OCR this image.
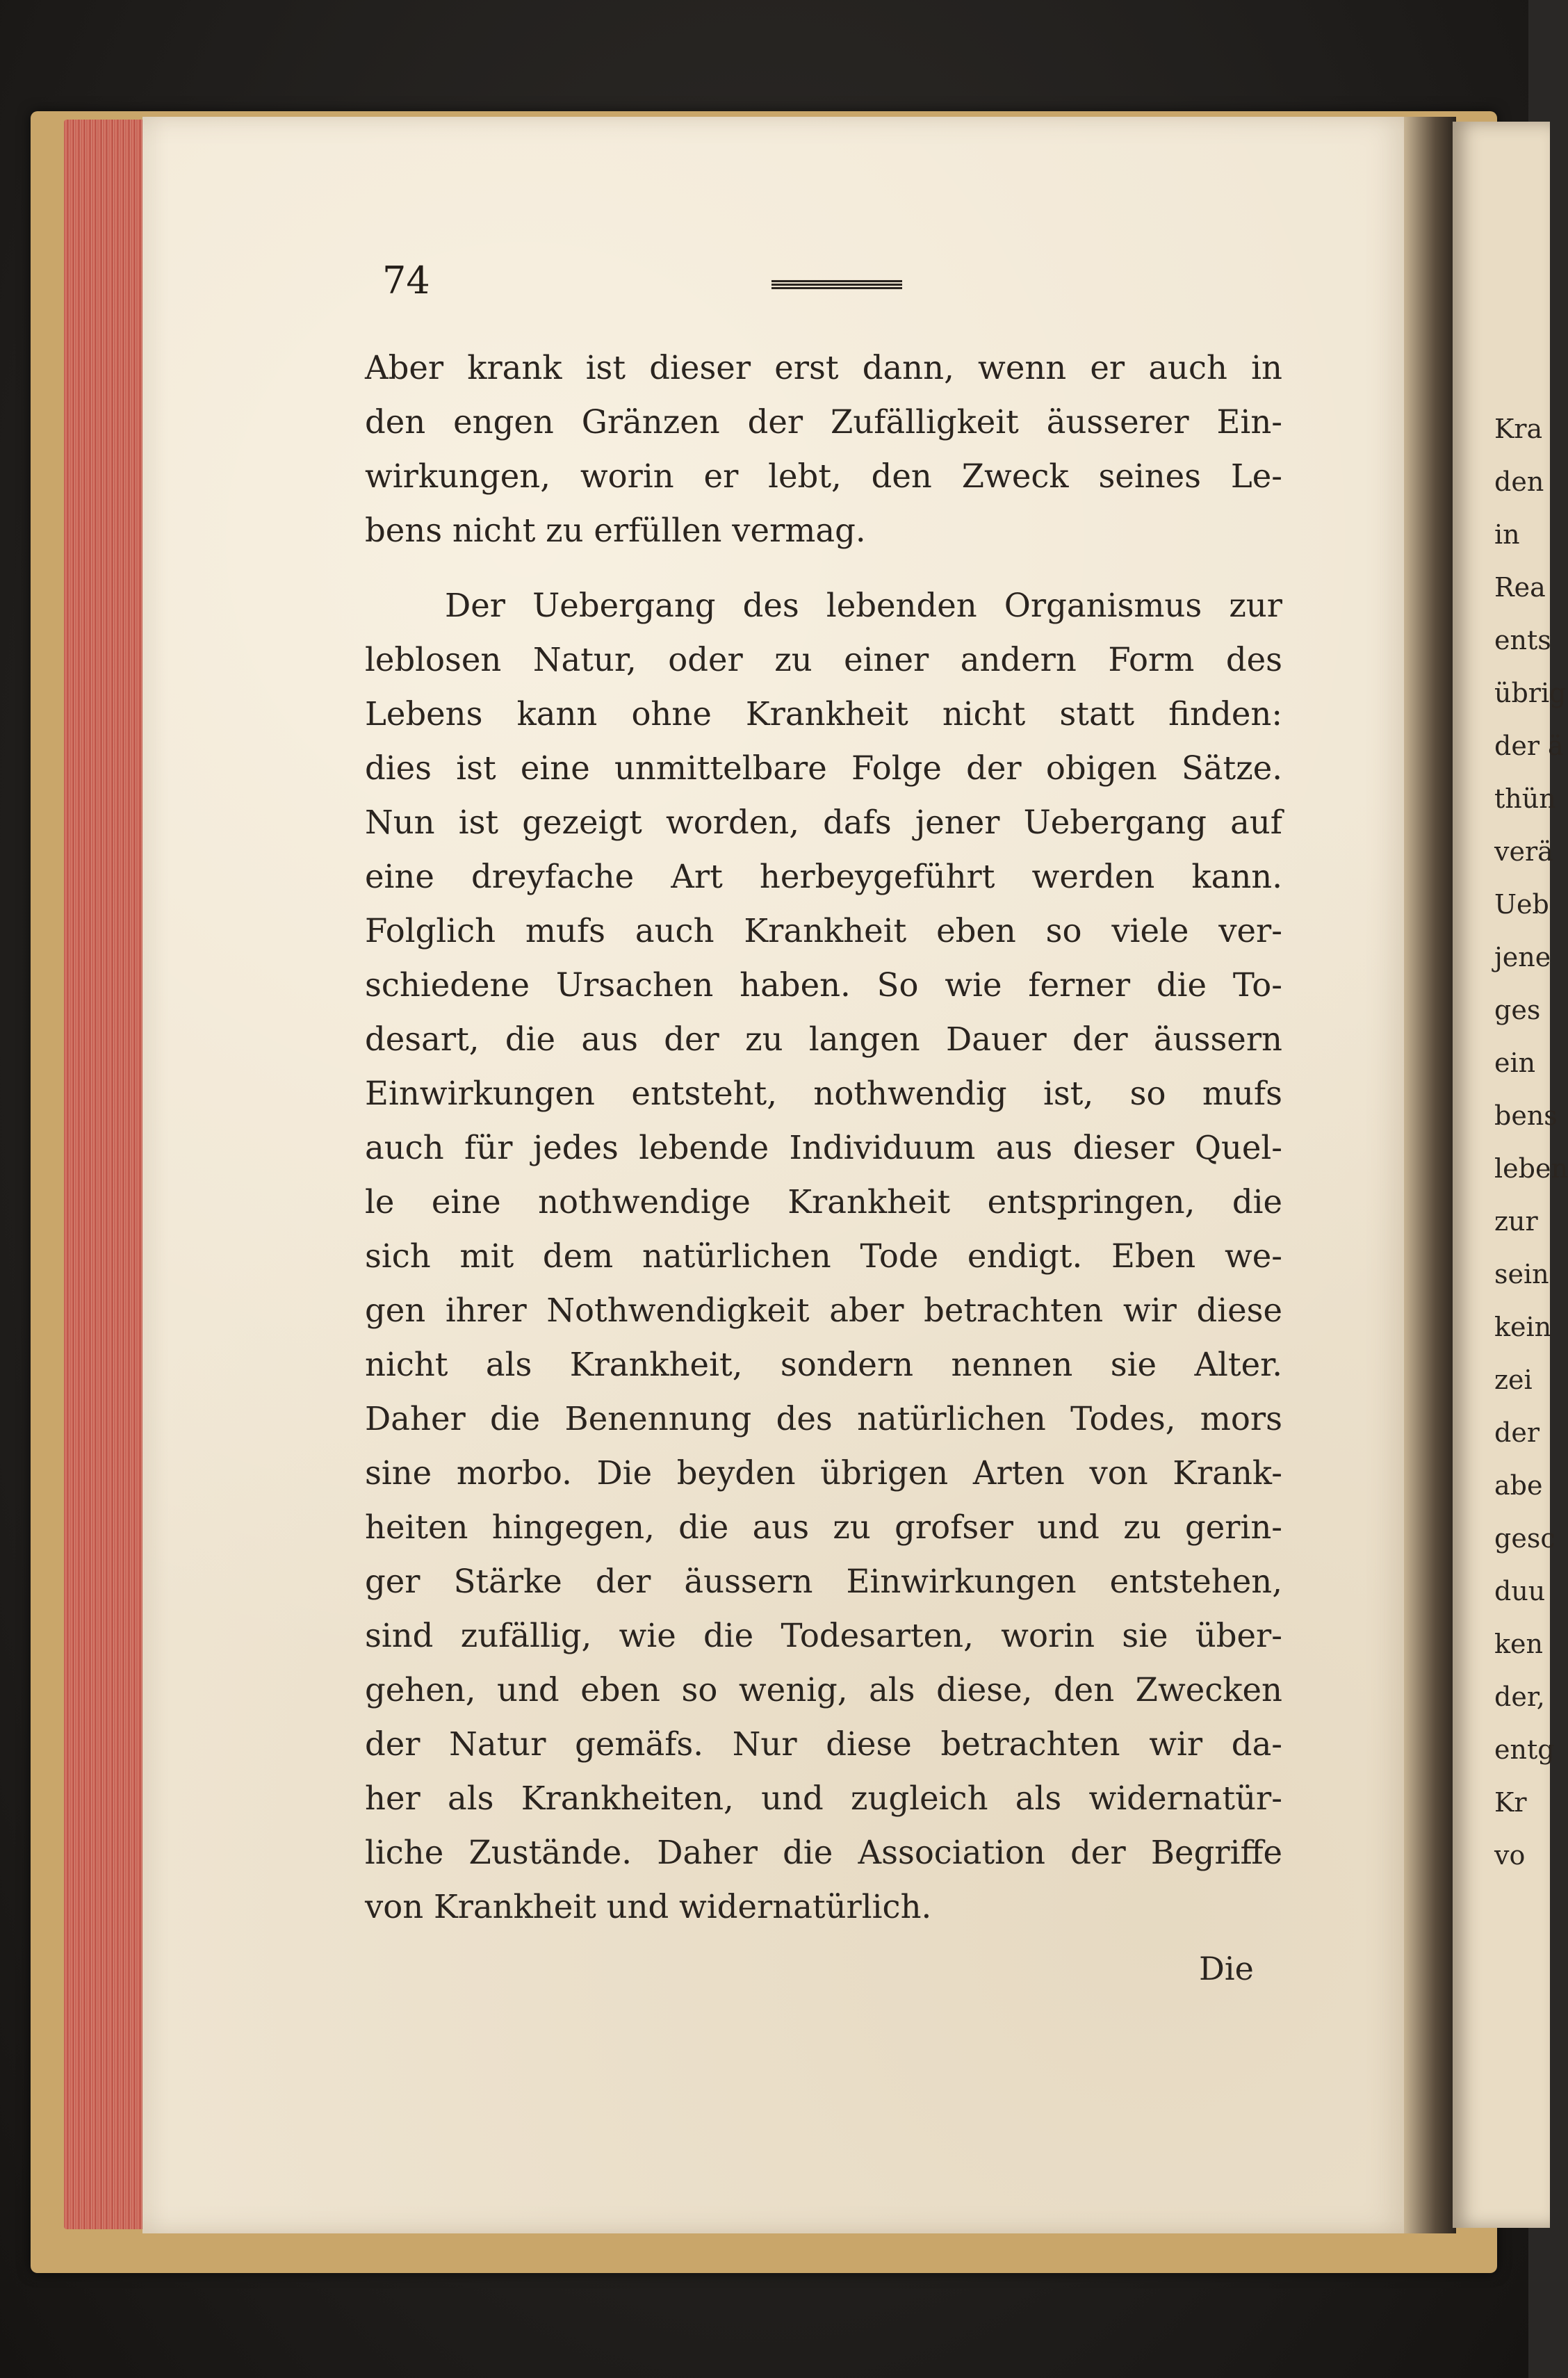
Kra
den
in
Rea
ents
übrig
der ä
thün
verä
Ueb
jene
ges
ein
bens
leben
zur
sein
kein
zei
der
abe
gesc
duu
ken
der,
entg
Kr
vo
74
Aber krank ist dieser erst dann, wenn er auch in
den engen Gränzen der Zufälligkeit äusserer Ein-
wirkungen, worin er lebt, den Zweck seines Le-
bens nicht zu erfüllen vermag.
Der Uebergang des lebenden Organismus zur
leblosen Natur, oder zu einer andern Form des
Lebens kann ohne Krankheit nicht statt finden:
dies ist eine unmittelbare Folge der obigen Sätze.
Nun ist gezeigt worden, dafs jener Uebergang auf
eine dreyfache Art herbeygeführt werden kann.
Folglich mufs auch Krankheit eben so viele ver-
schiedene Ursachen haben. So wie ferner die To-
desart, die aus der zu langen Dauer der äussern
Einwirkungen entsteht, nothwendig ist, so mufs
auch für jedes lebende Individuum aus dieser Quel-
le eine nothwendige Krankheit entspringen, die
sich mit dem natürlichen Tode endigt. Eben we-
gen ihrer Nothwendigkeit aber betrachten wir diese
nicht als Krankheit, sondern nennen sie Alter.
Daher die Benennung des natürlichen Todes, mors
sine morbo. Die beyden übrigen Arten von Krank-
heiten hingegen, die aus zu grofser und zu gerin-
ger Stärke der äussern Einwirkungen entstehen,
sind zufällig, wie die Todesarten, worin sie über-
gehen, und eben so wenig, als diese, den Zwecken
der Natur gemäfs. Nur diese betrachten wir da-
her als Krankheiten, und zugleich als widernatür-
liche Zustände. Daher die Association der Begriffe
von Krankheit und widernatürlich.
Die
